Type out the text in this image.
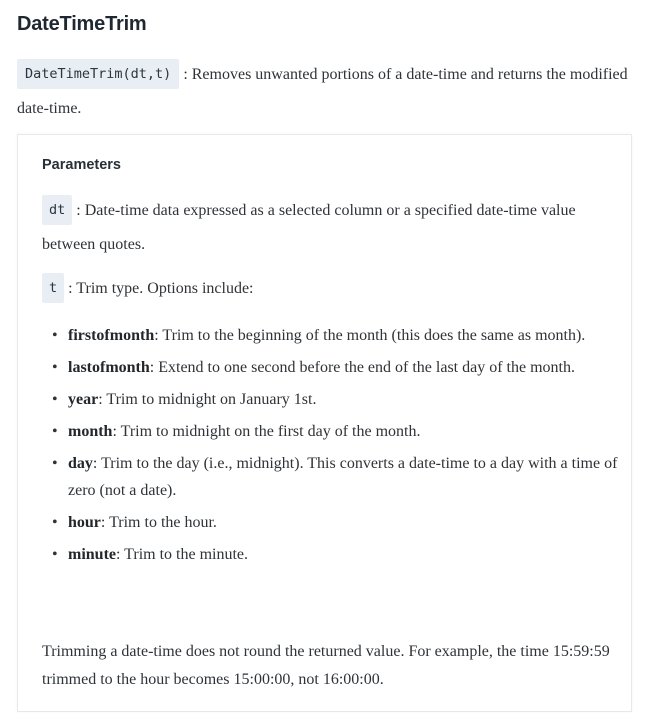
DateTimeTrim
DateTimeTrim(dt,t) : Removes unwanted portions of a date-time and returns the modified date-time.
Parameters

dt : Date-time data expressed as a selected column or a specified date-time value between quotes.

t : Trim type. Options include:

• firstofmonth: Trim to the beginning of the month (this does the same as month).
• lastofmonth: Extend to one second before the end of the last day of the month.
• year: Trim to midnight on January 1st.
• month: Trim to midnight on the first day of the month.
• day: Trim to the day (i.e., midnight). This converts a date-time to a day with a time of zero (not a date).
• hour: Trim to the hour.
• minute: Trim to the minute.

Trimming a date-time does not round the returned value. For example, the time 15:59:59 trimmed to the hour becomes 15:00:00, not 16:00:00.
